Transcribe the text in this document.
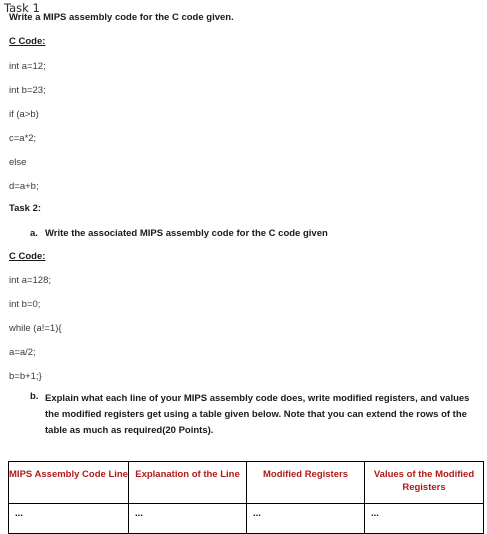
Task 1
Write a MIPS assembly code for the C code given.
C Code:
int a=12;
int b=23;
if (a>b)
c=a*2;
else
d=a+b;
Task 2:
a. Write the associated MIPS assembly code for the C code given
C Code:
int a=128;
int b=0;
while (a!=1){
a=a/2;
b=b+1;}
b. Explain what each line of your MIPS assembly code does, write modified registers, and values the modified registers get using a table given below. Note that you can extend the rows of the table as much as required(20 Points).
MIPS Assembly Code Line	Explanation of the Line	Modified Registers	Values of the Modified Registers
...	...	...	...
